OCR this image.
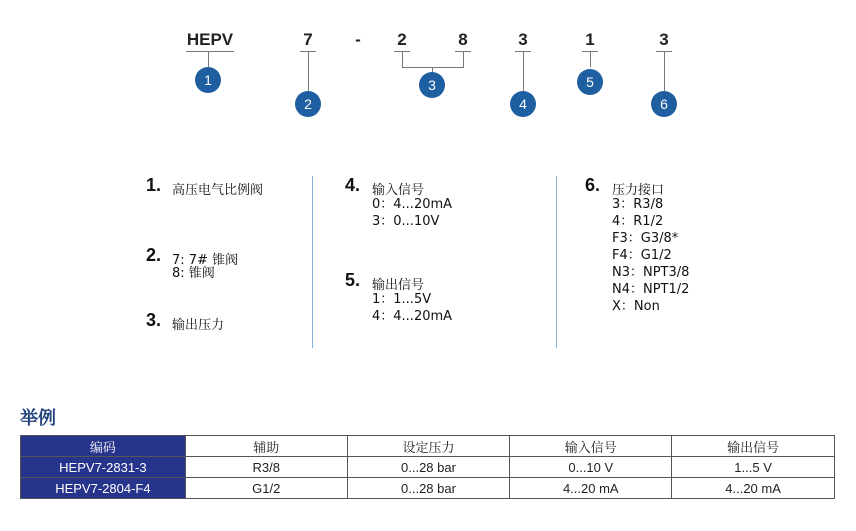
HEPV	7 - 2	8	3	1	3
1
2
3
4
5
6
1. 高压电气比例阀
2. 7: 7# 锥阀
8: 锥阀
3. 输出压力
4. 输入信号
0：4...20mA
3：0...10V
5. 输出信号
1：1...5V
4：4...20mA
6. 压力接口
3：R3/8
4：R1/2
F3：G3/8*
F4：G1/2
N3：NPT3/8
N4：NPT1/2
X：Non
举例
编码	辅助	设定压力	输入信号	输出信号
HEPV7-2831-3	R3/8	0...28 bar	0...10 V	1...5 V
HEPV7-2804-F4	G1/2	0...28 bar	4...20 mA	4...20 mA
